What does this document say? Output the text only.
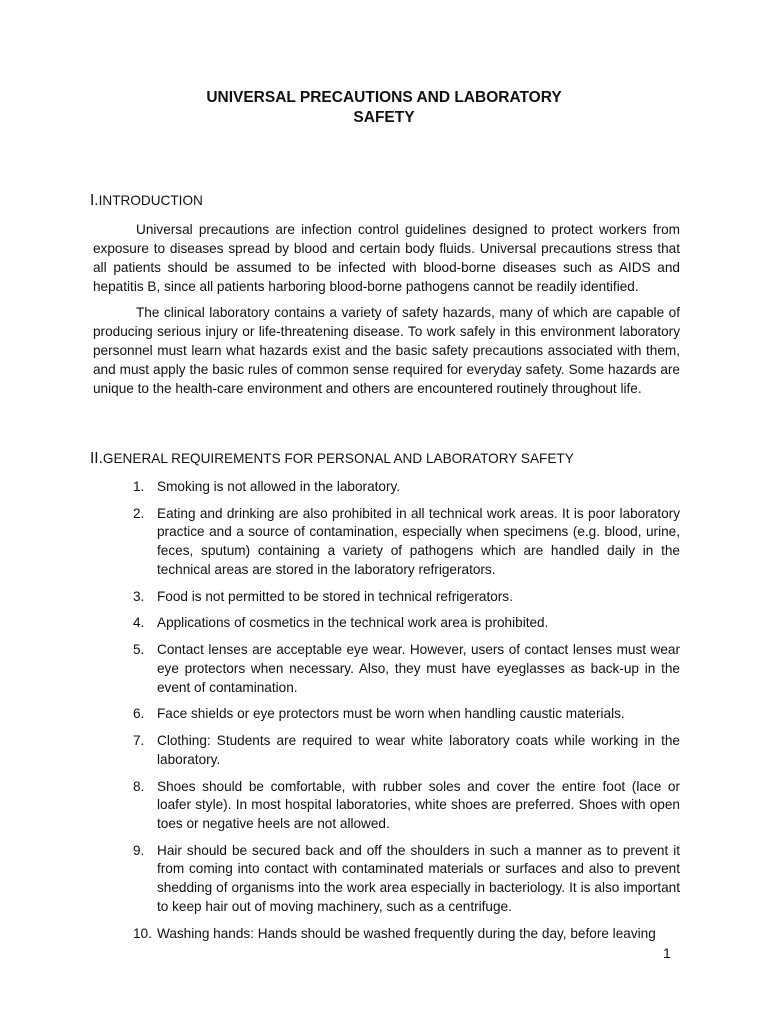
UNIVERSAL PRECAUTIONS AND LABORATORY
SAFETY
I.INTRODUCTION

Universal precautions are infection control guidelines designed to protect workers from exposure to diseases spread by blood and certain body fluids. Universal precautions stress that all patients should be assumed to be infected with blood-borne diseases such as AIDS and hepatitis B, since all patients harboring blood-borne pathogens cannot be readily identified.

The clinical laboratory contains a variety of safety hazards, many of which are capable of producing serious injury or life-threatening disease. To work safely in this environment laboratory personnel must learn what hazards exist and the basic safety precautions associated with them, and must apply the basic rules of common sense required for everyday safety. Some hazards are unique to the health-care environment and others are encountered routinely throughout life.

II.GENERAL REQUIREMENTS FOR PERSONAL AND LABORATORY SAFETY
1. Smoking is not allowed in the laboratory.
2. Eating and drinking are also prohibited in all technical work areas. It is poor laboratory practice and a source of contamination, especially when specimens (e.g. blood, urine, feces, sputum) containing a variety of pathogens which are handled daily in the technical areas are stored in the laboratory refrigerators.
3. Food is not permitted to be stored in technical refrigerators.
4. Applications of cosmetics in the technical work area is prohibited.
5. Contact lenses are acceptable eye wear. However, users of contact lenses must wear eye protectors when necessary. Also, they must have eyeglasses as back-up in the event of contamination.
6. Face shields or eye protectors must be worn when handling caustic materials.
7. Clothing: Students are required to wear white laboratory coats while working in the laboratory.
8. Shoes should be comfortable, with rubber soles and cover the entire foot (lace or loafer style). In most hospital laboratories, white shoes are preferred. Shoes with open toes or negative heels are not allowed.
9. Hair should be secured back and off the shoulders in such a manner as to prevent it from coming into contact with contaminated materials or surfaces and also to prevent shedding of organisms into the work area especially in bacteriology. It is also important to keep hair out of moving machinery, such as a centrifuge.
10. Washing hands: Hands should be washed frequently during the day, before leaving
1
